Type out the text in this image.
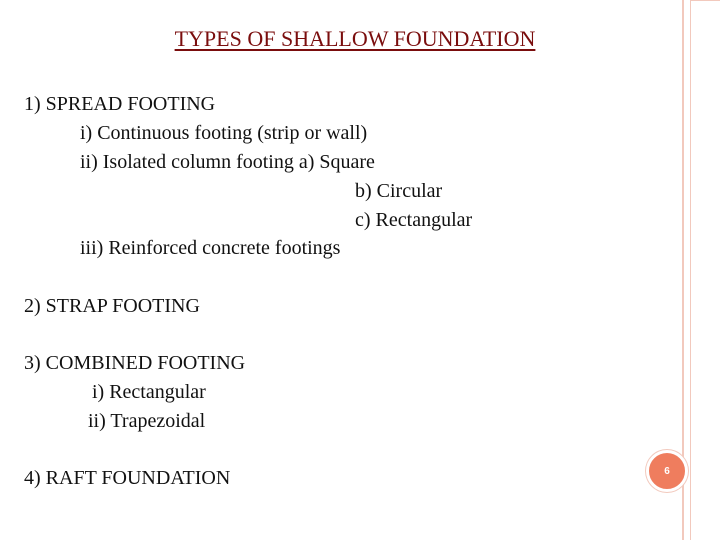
TYPES OF SHALLOW FOUNDATION
1) SPREAD FOOTING
i) Continuous footing (strip or wall)
ii) Isolated column footing a) Square
b) Circular
c) Rectangular
iii) Reinforced concrete footings
2) STRAP FOOTING
3) COMBINED FOOTING
i) Rectangular
ii) Trapezoidal
4) RAFT FOUNDATION	6
